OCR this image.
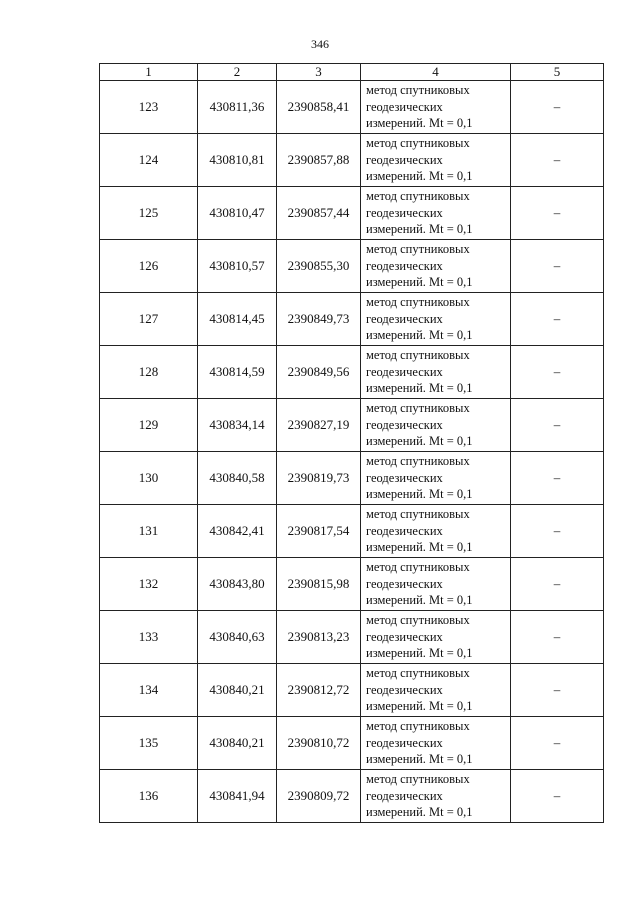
346
1	2	3	4	5
123	430811,36	2390858,41	метод спутниковых
геодезических
измерений. Mt = 0,1	–
124	430810,81	2390857,88	метод спутниковых
геодезических
измерений. Mt = 0,1	–
125	430810,47	2390857,44	метод спутниковых
геодезических
измерений. Mt = 0,1	–
126	430810,57	2390855,30	метод спутниковых
геодезических
измерений. Mt = 0,1	–
127	430814,45	2390849,73	метод спутниковых
геодезических
измерений. Mt = 0,1	–
128	430814,59	2390849,56	метод спутниковых
геодезических
измерений. Mt = 0,1	–
129	430834,14	2390827,19	метод спутниковых
геодезических
измерений. Mt = 0,1	–
130	430840,58	2390819,73	метод спутниковых
геодезических
измерений. Mt = 0,1	–
131	430842,41	2390817,54	метод спутниковых
геодезических
измерений. Mt = 0,1	–
132	430843,80	2390815,98	метод спутниковых
геодезических
измерений. Mt = 0,1	–
133	430840,63	2390813,23	метод спутниковых
геодезических
измерений. Mt = 0,1	–
134	430840,21	2390812,72	метод спутниковых
геодезических
измерений. Mt = 0,1	–
135	430840,21	2390810,72	метод спутниковых
геодезических
измерений. Mt = 0,1	–
136	430841,94	2390809,72	метод спутниковых
геодезических
измерений. Mt = 0,1	–
